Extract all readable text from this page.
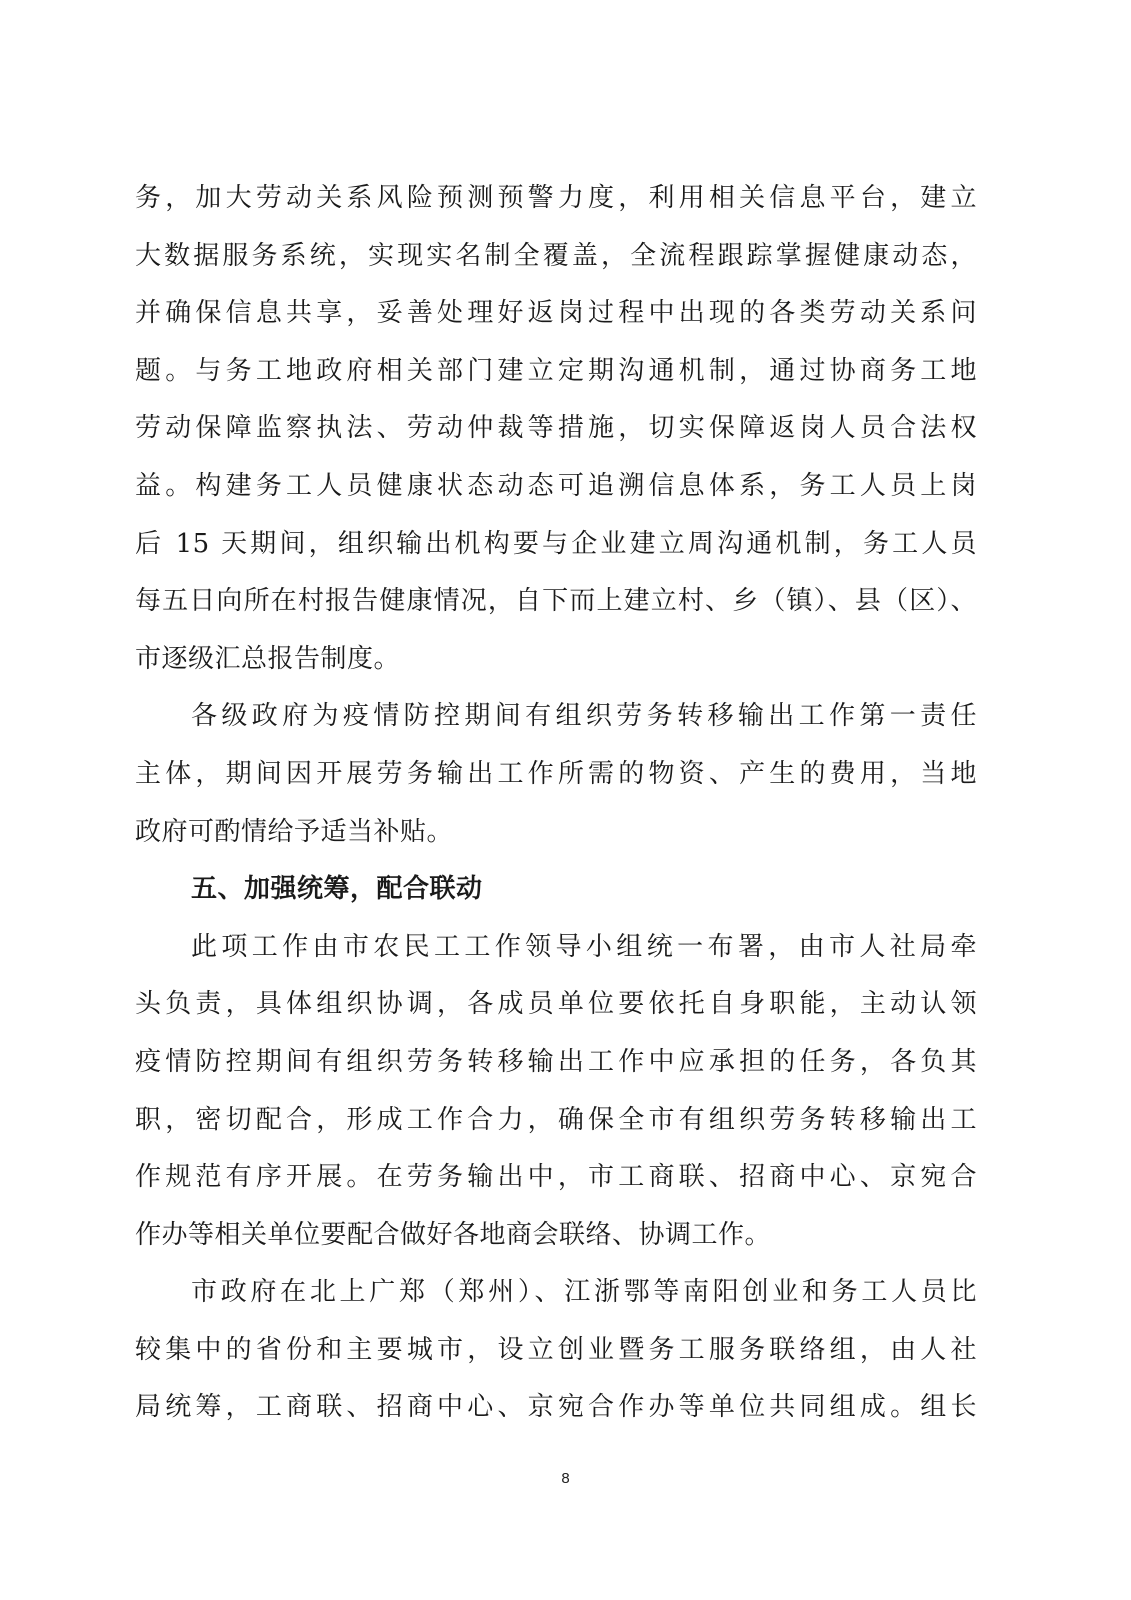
务，加大劳动关系风险预测预警力度，利用相关信息平台，建立
大数据服务系统，实现实名制全覆盖，全流程跟踪掌握健康动态，
并确保信息共享，妥善处理好返岗过程中出现的各类劳动关系问
题。与务工地政府相关部门建立定期沟通机制，通过协商务工地
劳动保障监察执法、劳动仲裁等措施，切实保障返岗人员合法权
益。构建务工人员健康状态动态可追溯信息体系，务工人员上岗
后 15 天期间，组织输出机构要与企业建立周沟通机制，务工人员
每五日向所在村报告健康情况，自下而上建立村、乡（镇）、县（区）、
市逐级汇总报告制度。
各级政府为疫情防控期间有组织劳务转移输出工作第一责任
主体，期间因开展劳务输出工作所需的物资、产生的费用，当地
政府可酌情给予适当补贴。
五、加强统筹，配合联动
此项工作由市农民工工作领导小组统一布署，由市人社局牵
头负责，具体组织协调，各成员单位要依托自身职能，主动认领
疫情防控期间有组织劳务转移输出工作中应承担的任务，各负其
职，密切配合，形成工作合力，确保全市有组织劳务转移输出工
作规范有序开展。在劳务输出中，市工商联、招商中心、京宛合
作办等相关单位要配合做好各地商会联络、协调工作。
市政府在北上广郑（郑州）、江浙鄂等南阳创业和务工人员比
较集中的省份和主要城市，设立创业暨务工服务联络组，由人社
局统筹，工商联、招商中心、京宛合作办等单位共同组成。组长
8
